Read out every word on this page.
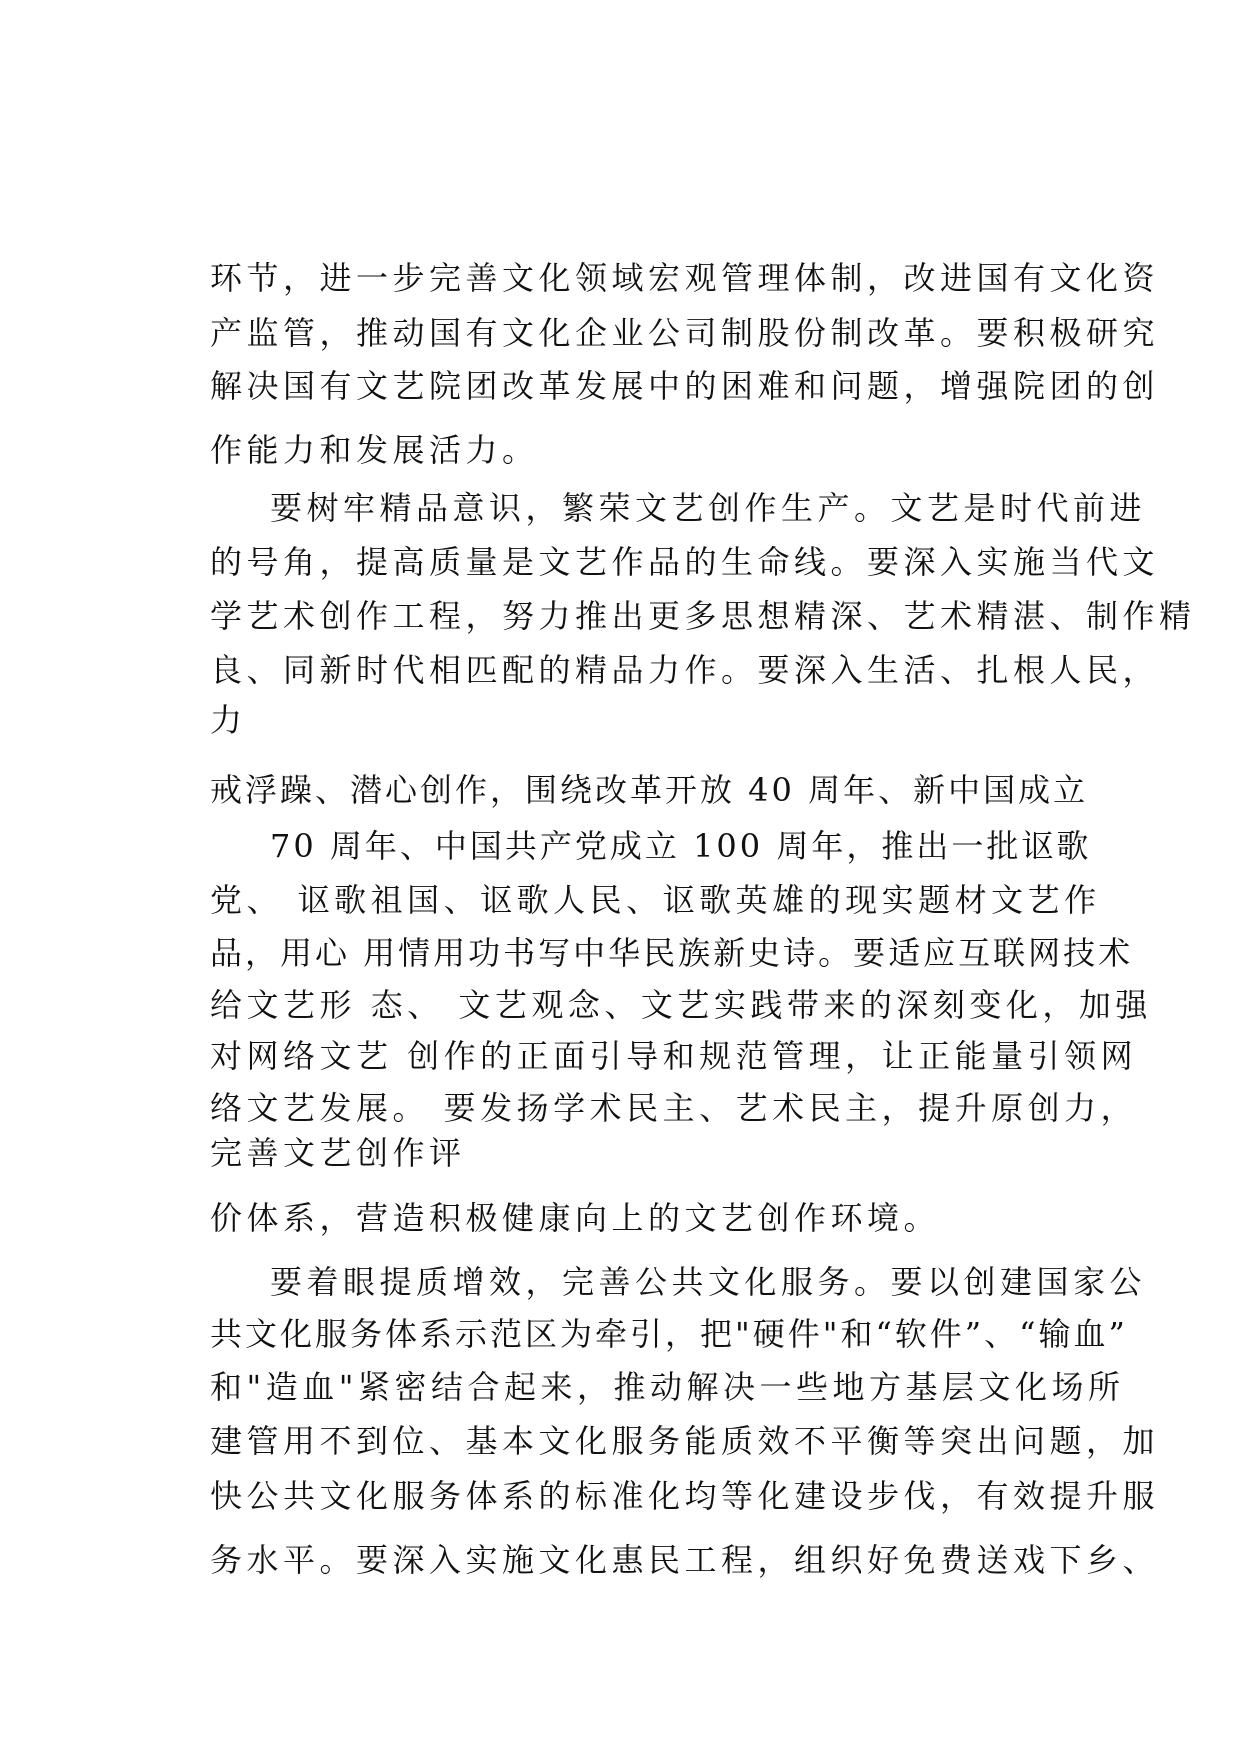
环节，进一步完善文化领域宏观管理体制，改进国有文化资
产监管，推动国有文化企业公司制股份制改革。要积极研究
解决国有文艺院团改革发展中的困难和问题，增强院团的创
作能力和发展活力。
要树牢精品意识，繁荣文艺创作生产。文艺是时代前进
的号角，提高质量是文艺作品的生命线。要深入实施当代文
学艺术创作工程，努力推出更多思想精深、艺术精湛、制作精
良、同新时代相匹配的精品力作。要深入生活、扎根人民，
力
戒浮躁、潜心创作，围绕改革开放 40 周年、新中国成立
70 周年、中国共产党成立 100 周年，推出一批讴歌
党、 讴歌祖国、讴歌人民、讴歌英雄的现实题材文艺作
品，用心 用情用功书写中华民族新史诗。要适应互联网技术
给文艺形 态、 文艺观念、文艺实践带来的深刻变化，加强
对网络文艺 创作的正面引导和规范管理，让正能量引领网
络文艺发展。 要发扬学术民主、艺术民主，提升原创力，
完善文艺创作评
价体系，营造积极健康向上的文艺创作环境。
要着眼提质增效，完善公共文化服务。要以创建国家公
共文化服务体系示范区为牵引，把"硬件"和“软件”、“输血”
和"造血"紧密结合起来，推动解决一些地方基层文化场所
建管用不到位、基本文化服务能质效不平衡等突出问题，加
快公共文化服务体系的标准化均等化建设步伐，有效提升服
务水平。要深入实施文化惠民工程，组织好免费送戏下乡、
